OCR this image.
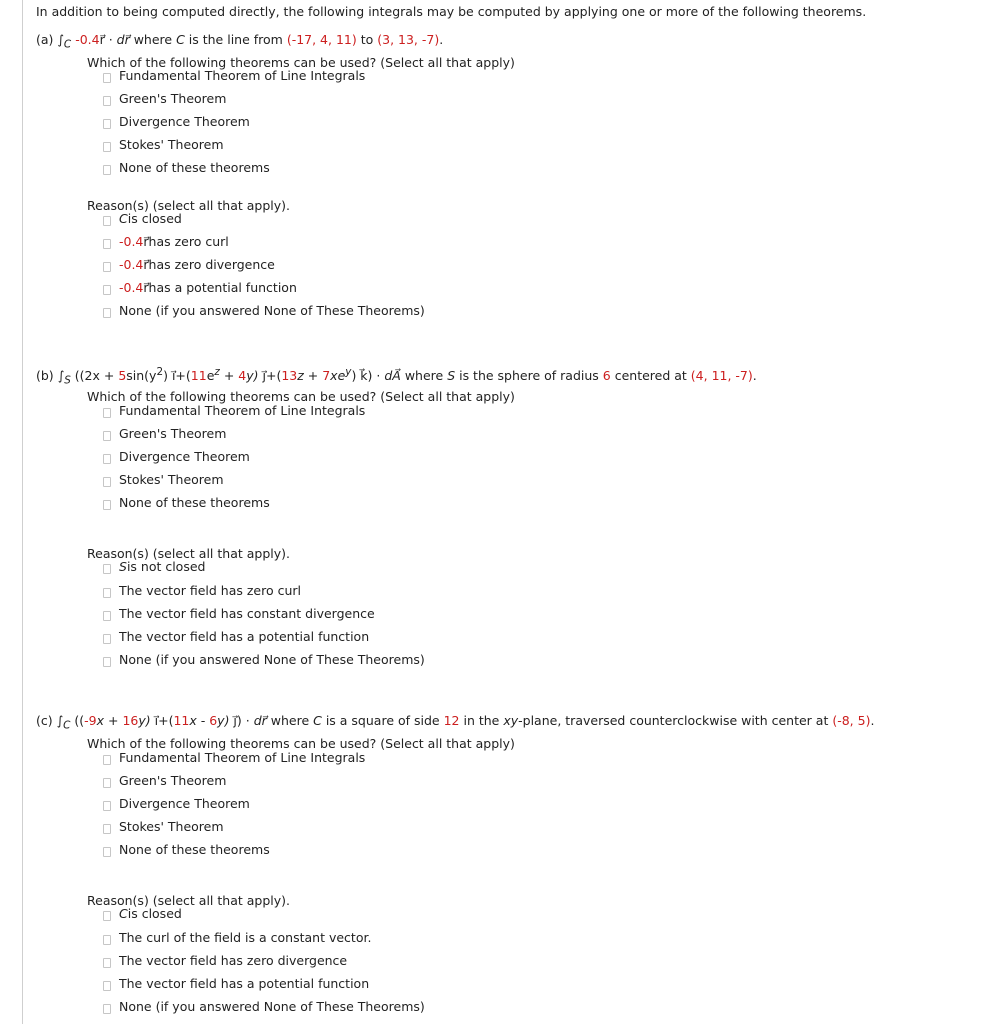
In addition to being computed directly, the following integrals may be computed by applying one or more of the following theorems.
(a) $\int_C$ -0.4r⃗ · dr⃗ where C is the line from (-17, 4, 11) to (3, 13, -7).
Which of the following theorems can be used? (Select all that apply)
Fundamental Theorem of Line Integrals
Green's Theorem
Divergence Theorem
Stokes' Theorem
None of these theorems
Reason(s) (select all that apply).
C is closed
-0.4 r⃗ has zero curl
-0.4 r⃗ has zero divergence
-0.4 r⃗ has a potential function
None (if you answered None of These Theorems)
(b) $\int_S$ (($2x + 5\sin(y^2)$ $i⃗+(11e^z + 4y)$ j⃗+(13z + $7xe^y$) k⃗) · dA⃗ where S is the sphere of radius 6 centered at (4, 11, -7).
Which of the following theorems can be used? (Select all that apply)
Fundamental Theorem of Line Integrals
Green's Theorem
Divergence Theorem
Stokes' Theorem
None of these theorems
Reason(s) (select all that apply).
S is not closed
The vector field has zero curl
The vector field has constant divergence
The vector field has a potential function
None (if you answered None of These Theorems)
(c) $\int_C$ ((-9x + 16y) i⃗+(11x - 6y) j⃗) · dr⃗ where C is a square of side 12 in the xy-plane, traversed counterclockwise with center at (-8, 5).
Which of the following theorems can be used? (Select all that apply)
Fundamental Theorem of Line Integrals
Green's Theorem
Divergence Theorem
Stokes' Theorem
None of these theorems
Reason(s) (select all that apply).
C is closed
The curl of the field is a constant vector.
The vector field has zero divergence
The vector field has a potential function
None (if you answered None of These Theorems)
